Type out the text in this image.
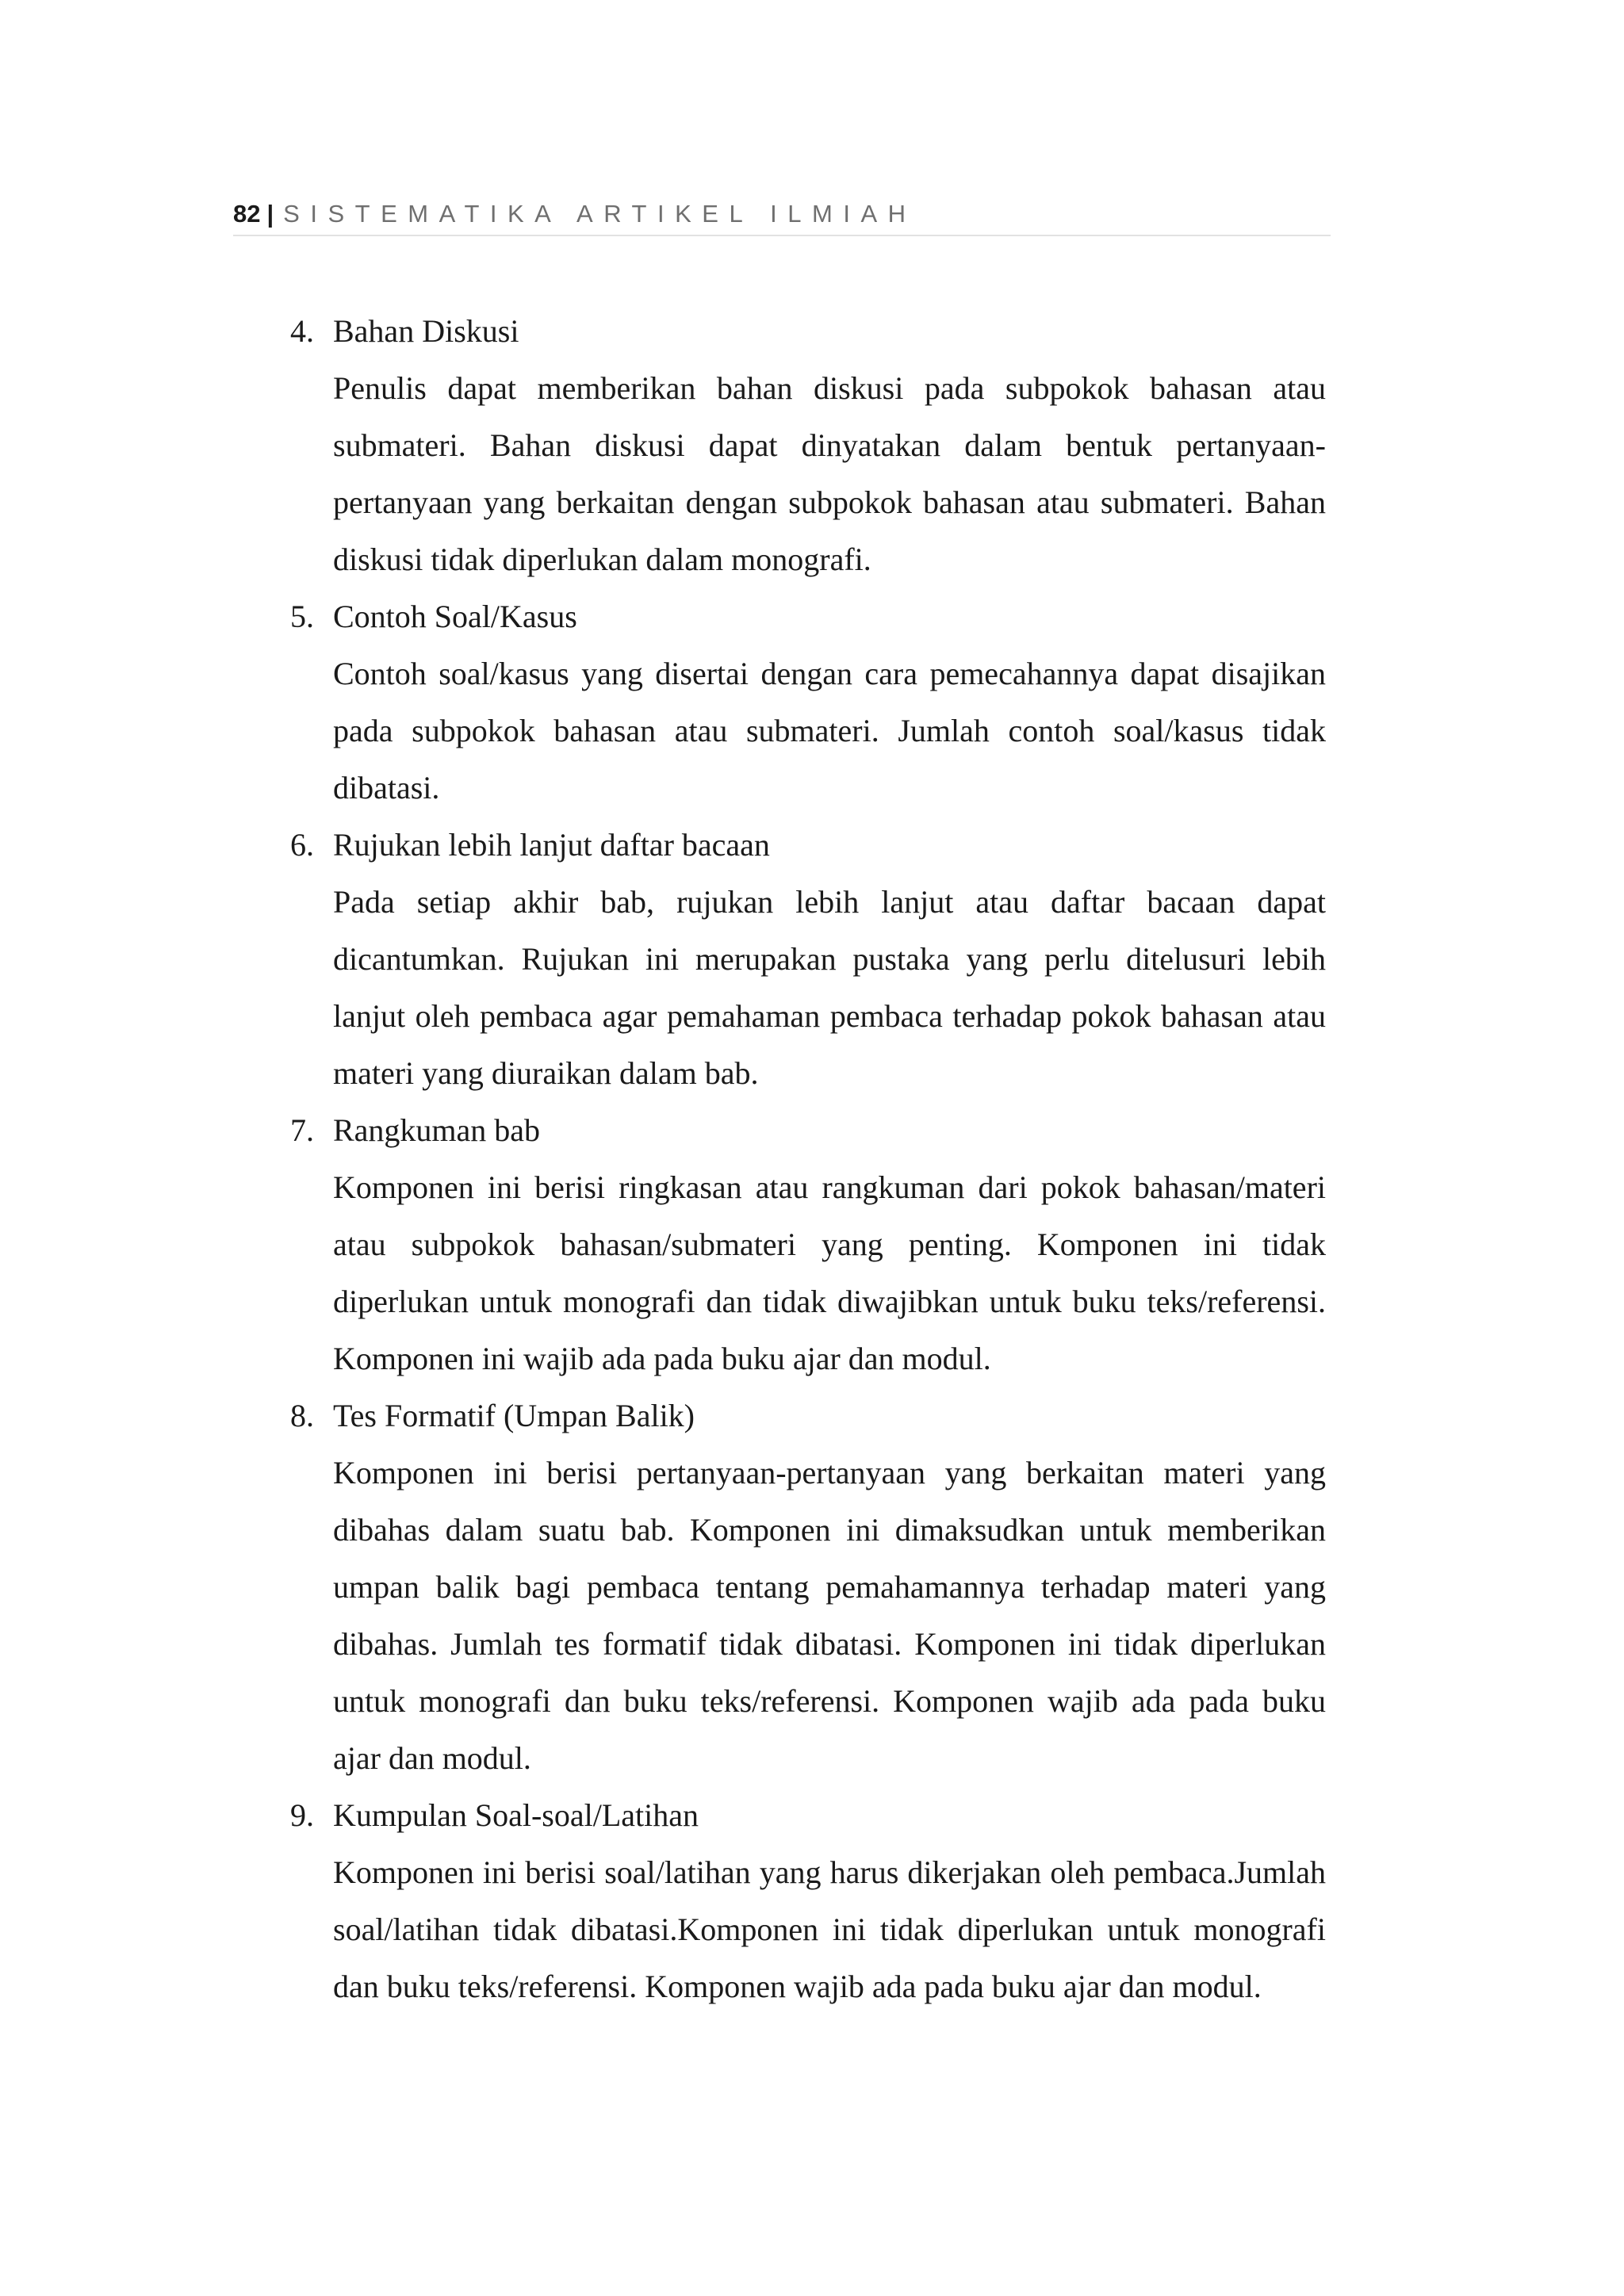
82 | SISTEMATIKA ARTIKEL ILMIAH
4. Bahan Diskusi

Penulis dapat memberikan bahan diskusi pada subpokok bahasan atau submateri. Bahan diskusi dapat dinyatakan dalam bentuk pertanyaan-pertanyaan yang berkaitan dengan subpokok bahasan atau submateri. Bahan diskusi tidak diperlukan dalam monografi.

5. Contoh Soal/Kasus

Contoh soal/kasus yang disertai dengan cara pemecahannya dapat disajikan pada subpokok bahasan atau submateri. Jumlah contoh soal/kasus tidak dibatasi.

6. Rujukan lebih lanjut daftar bacaan

Pada setiap akhir bab, rujukan lebih lanjut atau daftar bacaan dapat dicantumkan. Rujukan ini merupakan pustaka yang perlu ditelusuri lebih lanjut oleh pembaca agar pemahaman pembaca terhadap pokok bahasan atau materi yang diuraikan dalam bab.

7. Rangkuman bab

Komponen ini berisi ringkasan atau rangkuman dari pokok bahasan/materi atau subpokok bahasan/submateri yang penting. Komponen ini tidak diperlukan untuk monografi dan tidak diwajibkan untuk buku teks/referensi. Komponen ini wajib ada pada buku ajar dan modul.

8. Tes Formatif (Umpan Balik)

Komponen ini berisi pertanyaan-pertanyaan yang berkaitan materi yang dibahas dalam suatu bab. Komponen ini dimaksudkan untuk memberikan umpan balik bagi pembaca tentang pemahamannya terhadap materi yang dibahas. Jumlah tes formatif tidak dibatasi. Komponen ini tidak diperlukan untuk monografi dan buku teks/referensi. Komponen wajib ada pada buku ajar dan modul.

9. Kumpulan Soal-soal/Latihan

Komponen ini berisi soal/latihan yang harus dikerjakan oleh pembaca.Jumlah soal/latihan tidak dibatasi.Komponen ini tidak diperlukan untuk monografi dan buku teks/referensi. Komponen wajib ada pada buku ajar dan modul.
